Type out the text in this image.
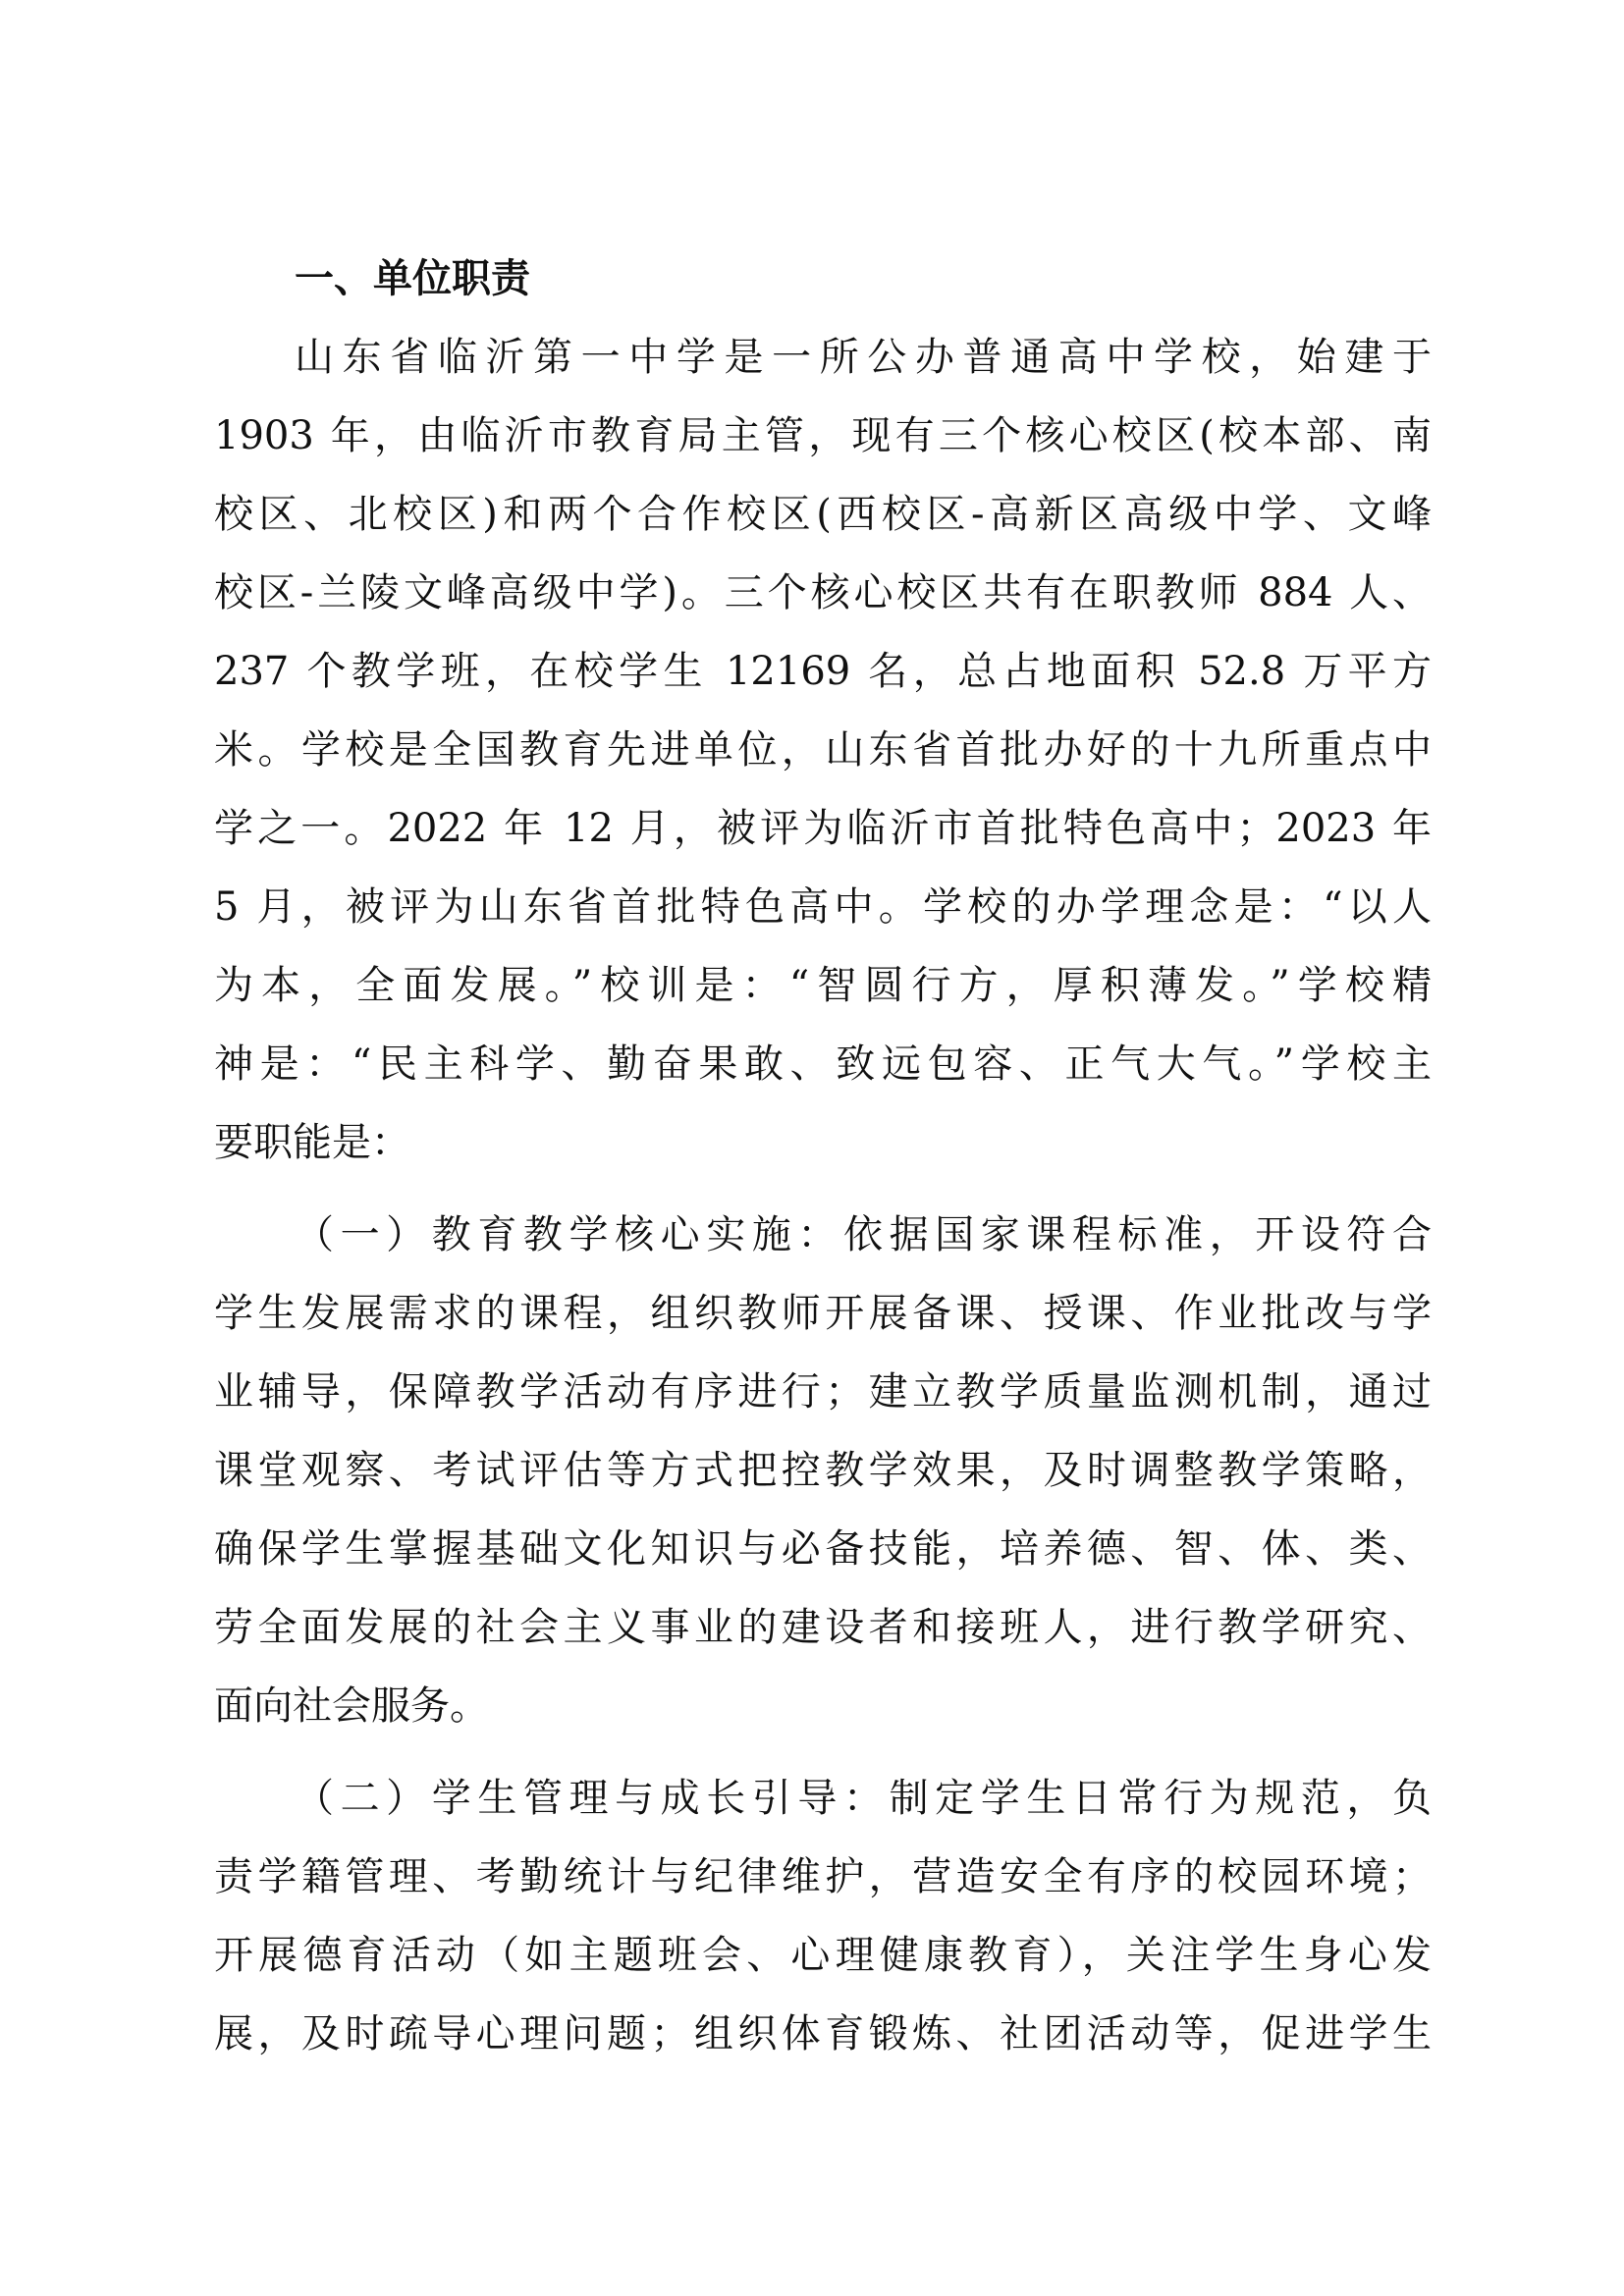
一、单位职责
山东省临沂第一中学是一所公办普通高中学校，始建于
1903 年，由临沂市教育局主管，现有三个核心校区(校本部、南
校区、北校区)和两个合作校区(西校区-高新区高级中学、文峰
校区-兰陵文峰高级中学)。三个核心校区共有在职教师 884 人、
237 个教学班，在校学生 12169 名，总占地面积 52.8 万平方
米。学校是全国教育先进单位，山东省首批办好的十九所重点中
学之一。2022 年 12 月，被评为临沂市首批特色高中；2023 年
5 月，被评为山东省首批特色高中。学校的办学理念是：“以人
为本，全面发展。”校训是：“智圆行方，厚积薄发。”学校精
神是：“民主科学、勤奋果敢、致远包容、正气大气。”学校主
要职能是：
（一）教育教学核心实施：依据国家课程标准，开设符合
学生发展需求的课程，组织教师开展备课、授课、作业批改与学
业辅导，保障教学活动有序进行；建立教学质量监测机制，通过
课堂观察、考试评估等方式把控教学效果，及时调整教学策略，
确保学生掌握基础文化知识与必备技能，培养德、智、体、类、
劳全面发展的社会主义事业的建设者和接班人，进行教学研究、
面向社会服务。
（二）学生管理与成长引导：制定学生日常行为规范，负
责学籍管理、考勤统计与纪律维护，营造安全有序的校园环境；
开展德育活动（如主题班会、心理健康教育），关注学生身心发
展，及时疏导心理问题；组织体育锻炼、社团活动等，促进学生
